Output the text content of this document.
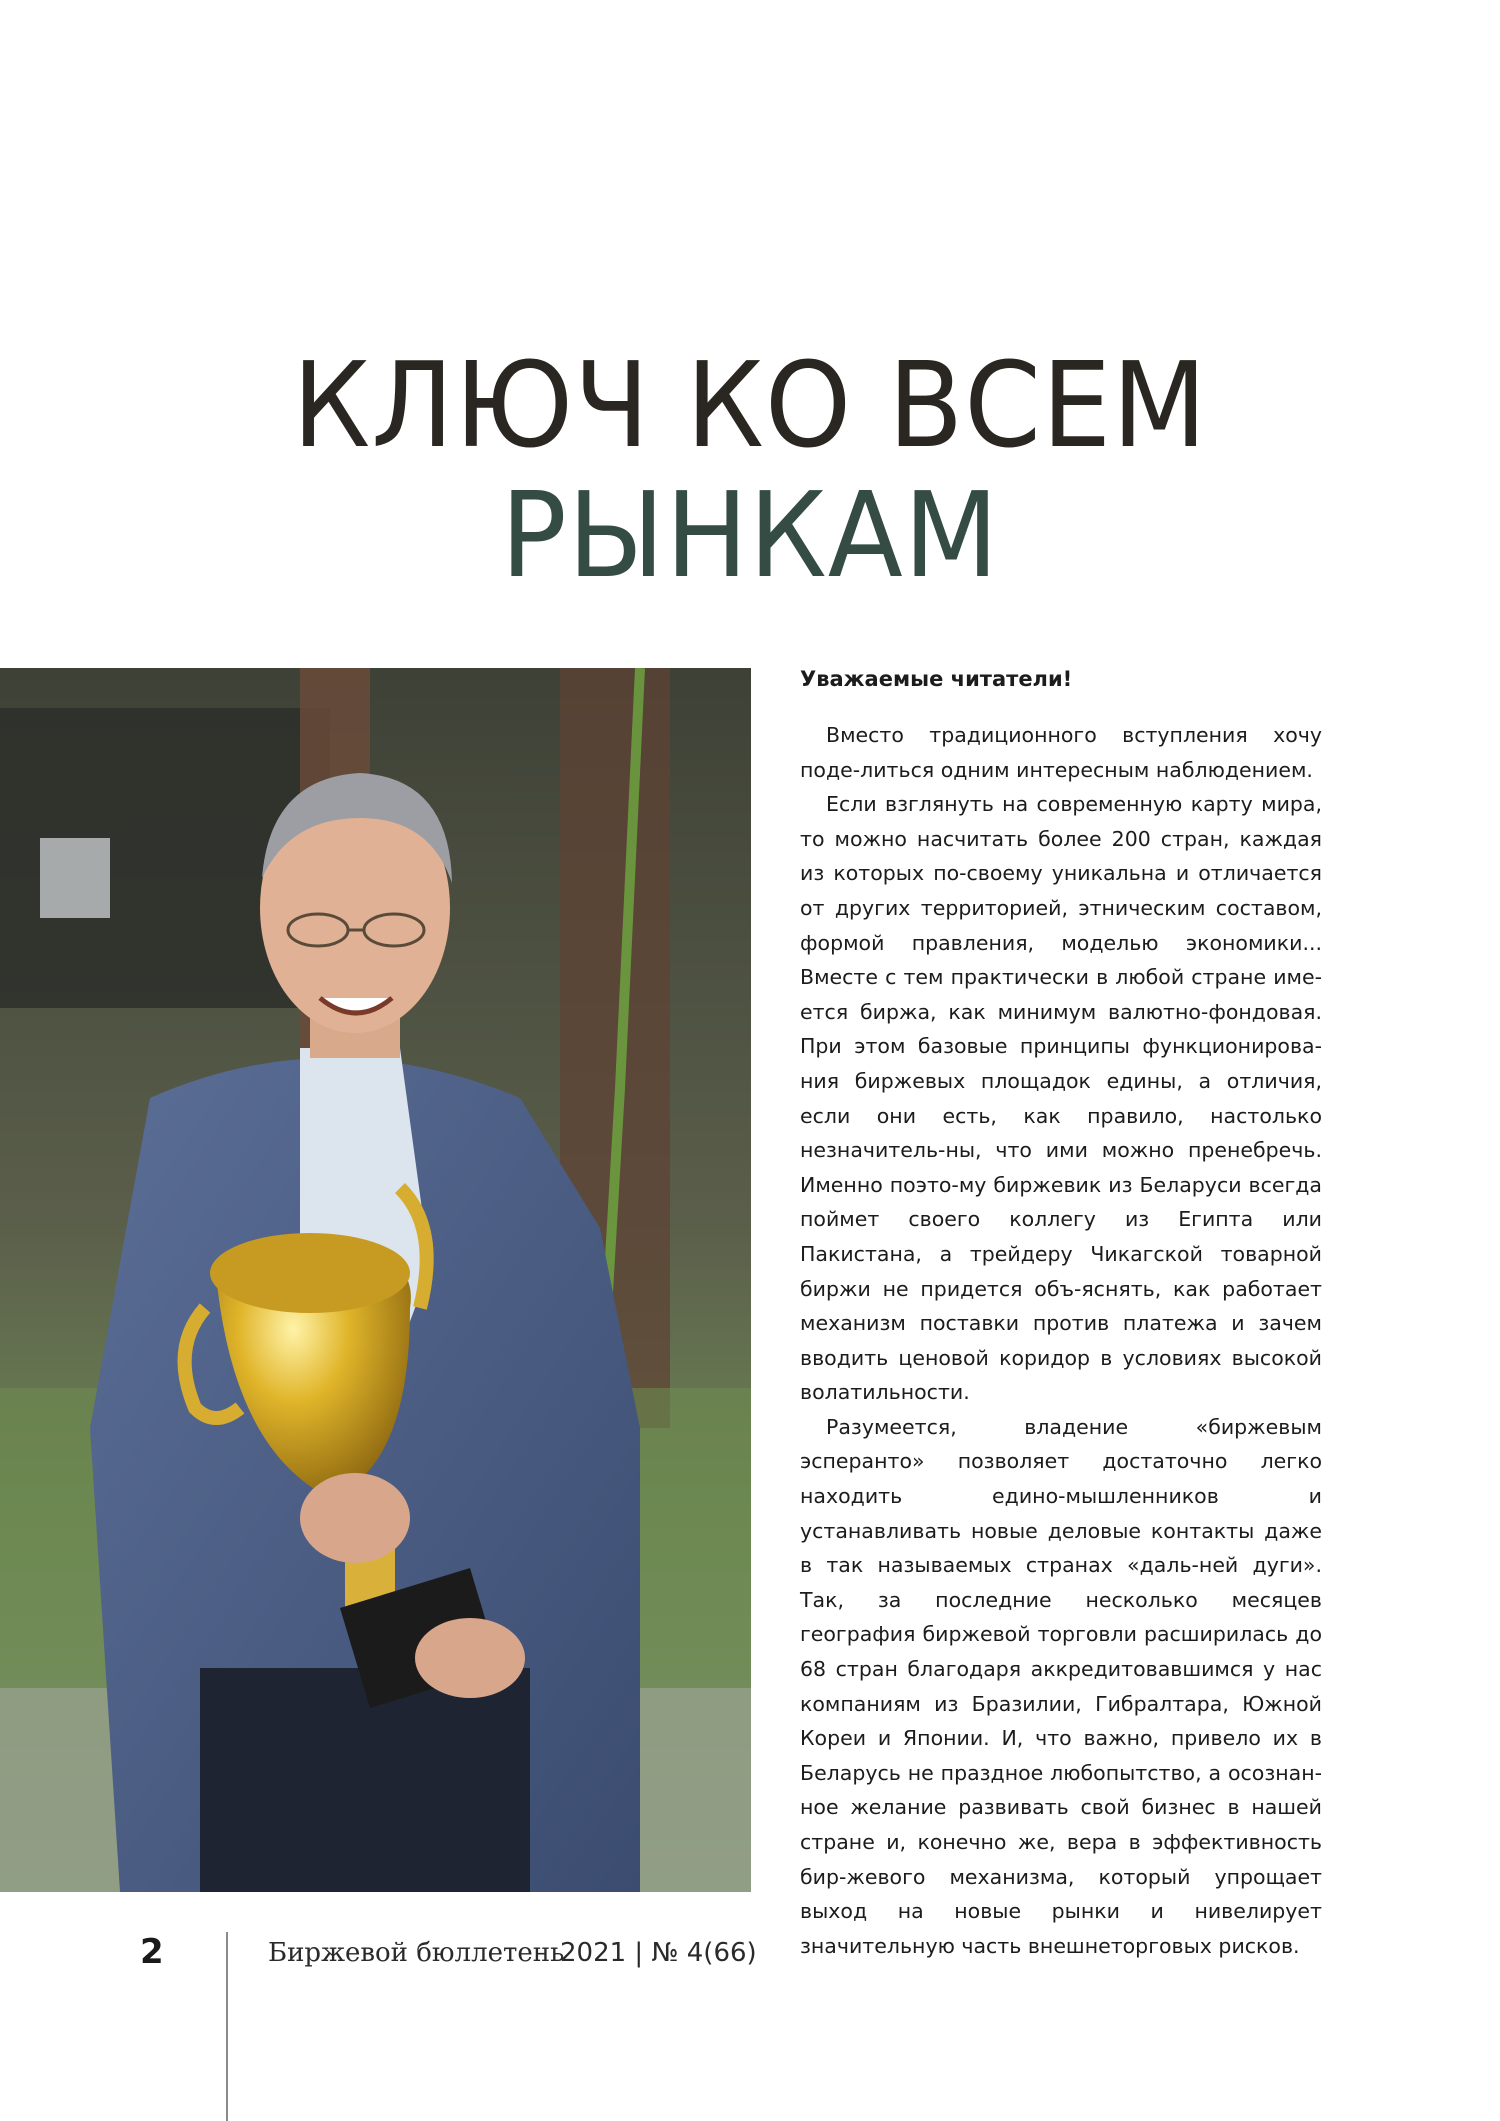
КЛЮЧ КО ВСЕМ
РЫНКАМ

Уважаемые читатели!

Вместо традиционного вступления хочу поде-литься одним интересным наблюдением.

Если взглянуть на современную карту мира, то можно насчитать более 200 стран, каждая из которых по-своему уникальна и отличается от других территорией, этническим составом, формой правления, моделью экономики... Вместе с тем практически в любой стране име-ется биржа, как минимум валютно-фондовая. При этом базовые принципы функционирова-ния биржевых площадок едины, а отличия, если они есть, как правило, настолько незначитель-ны, что ими можно пренебречь. Именно поэто-му биржевик из Беларуси всегда поймет своего коллегу из Египта или Пакистана, а трейдеру Чикагской товарной биржи не придется объ-яснять, как работает механизм поставки против платежа и зачем вводить ценовой коридор в условиях высокой волатильности.

Разумеется, владение «биржевым эсперанто» позволяет достаточно легко находить едино-мышленников и устанавливать новые деловые контакты даже в так называемых странах «даль-ней дуги». Так, за последние несколько месяцев география биржевой торговли расширилась до 68 стран благодаря аккредитовавшимся у нас компаниям из Бразилии, Гибралтара, Южной Кореи и Японии. И, что важно, привело их в Беларусь не праздное любопытство, а осознан-ное желание развивать свой бизнес в нашей стране и, конечно же, вера в эффективность бир-жевого механизма, который упрощает выход на новые рынки и нивелирует значительную часть внешнеторговых рисков.

2	Биржевой бюллетень
2021 | № 4(66)
